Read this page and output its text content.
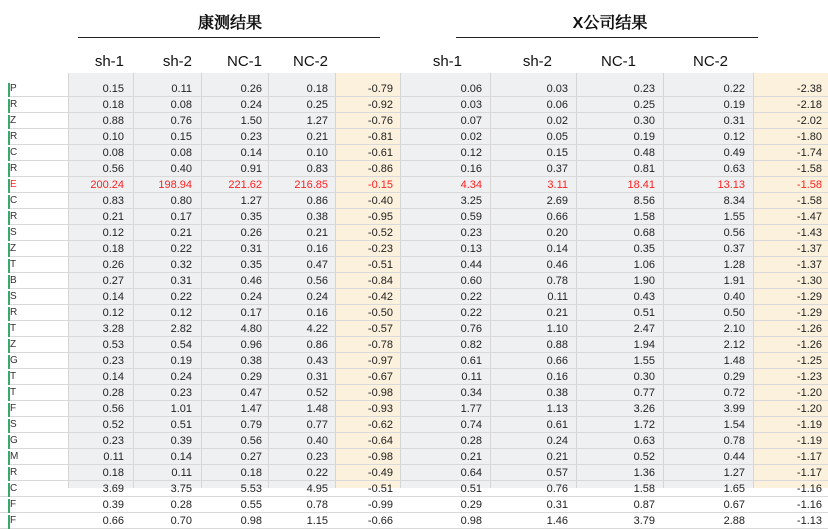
康测结果	X公司结果
sh-1	sh-2	NC-1	NC-2	sh-1	sh-2	NC-1	NC-2
P	0.15	0.11	0.26	0.18	-0.79	0.06	0.03	0.23	0.22	-2.38
R	0.18	0.08	0.24	0.25	-0.92	0.03	0.06	0.25	0.19	-2.18
Z	0.88	0.76	1.50	1.27	-0.76	0.07	0.02	0.30	0.31	-2.02
R	0.10	0.15	0.23	0.21	-0.81	0.02	0.05	0.19	0.12	-1.80
C	0.08	0.08	0.14	0.10	-0.61	0.12	0.15	0.48	0.49	-1.74
R	0.56	0.40	0.91	0.83	-0.86	0.16	0.37	0.81	0.63	-1.58
E	200.24	198.94	221.62	216.85	-0.15	4.34	3.11	18.41	13.13	-1.58
C	0.83	0.80	1.27	0.86	-0.40	3.25	2.69	8.56	8.34	-1.58
R	0.21	0.17	0.35	0.38	-0.95	0.59	0.66	1.58	1.55	-1.47
S	0.12	0.21	0.26	0.21	-0.52	0.23	0.20	0.68	0.56	-1.43
Z	0.18	0.22	0.31	0.16	-0.23	0.13	0.14	0.35	0.37	-1.37
T	0.26	0.32	0.35	0.47	-0.51	0.44	0.46	1.06	1.28	-1.37
B	0.27	0.31	0.46	0.56	-0.84	0.60	0.78	1.90	1.91	-1.30
S	0.14	0.22	0.24	0.24	-0.42	0.22	0.11	0.43	0.40	-1.29
R	0.12	0.12	0.17	0.16	-0.50	0.22	0.21	0.51	0.50	-1.29
T	3.28	2.82	4.80	4.22	-0.57	0.76	1.10	2.47	2.10	-1.26
Z	0.53	0.54	0.96	0.86	-0.78	0.82	0.88	1.94	2.12	-1.26
G	0.23	0.19	0.38	0.43	-0.97	0.61	0.66	1.55	1.48	-1.25
T	0.14	0.24	0.29	0.31	-0.67	0.11	0.16	0.30	0.29	-1.23
T	0.28	0.23	0.47	0.52	-0.98	0.34	0.38	0.77	0.72	-1.20
F	0.56	1.01	1.47	1.48	-0.93	1.77	1.13	3.26	3.99	-1.20
S	0.52	0.51	0.79	0.77	-0.62	0.74	0.61	1.72	1.54	-1.19
G	0.23	0.39	0.56	0.40	-0.64	0.28	0.24	0.63	0.78	-1.19
M	0.11	0.14	0.27	0.23	-0.98	0.21	0.21	0.52	0.44	-1.17
R	0.18	0.11	0.18	0.22	-0.49	0.64	0.57	1.36	1.27	-1.17
C	3.69	3.75	5.53	4.95	-0.51	0.51	0.76	1.58	1.65	-1.16
F	0.39	0.28	0.55	0.78	-0.99	0.29	0.31	0.87	0.67	-1.16
F	0.66	0.70	0.98	1.15	-0.66	0.98	1.46	3.79	2.88	-1.13
